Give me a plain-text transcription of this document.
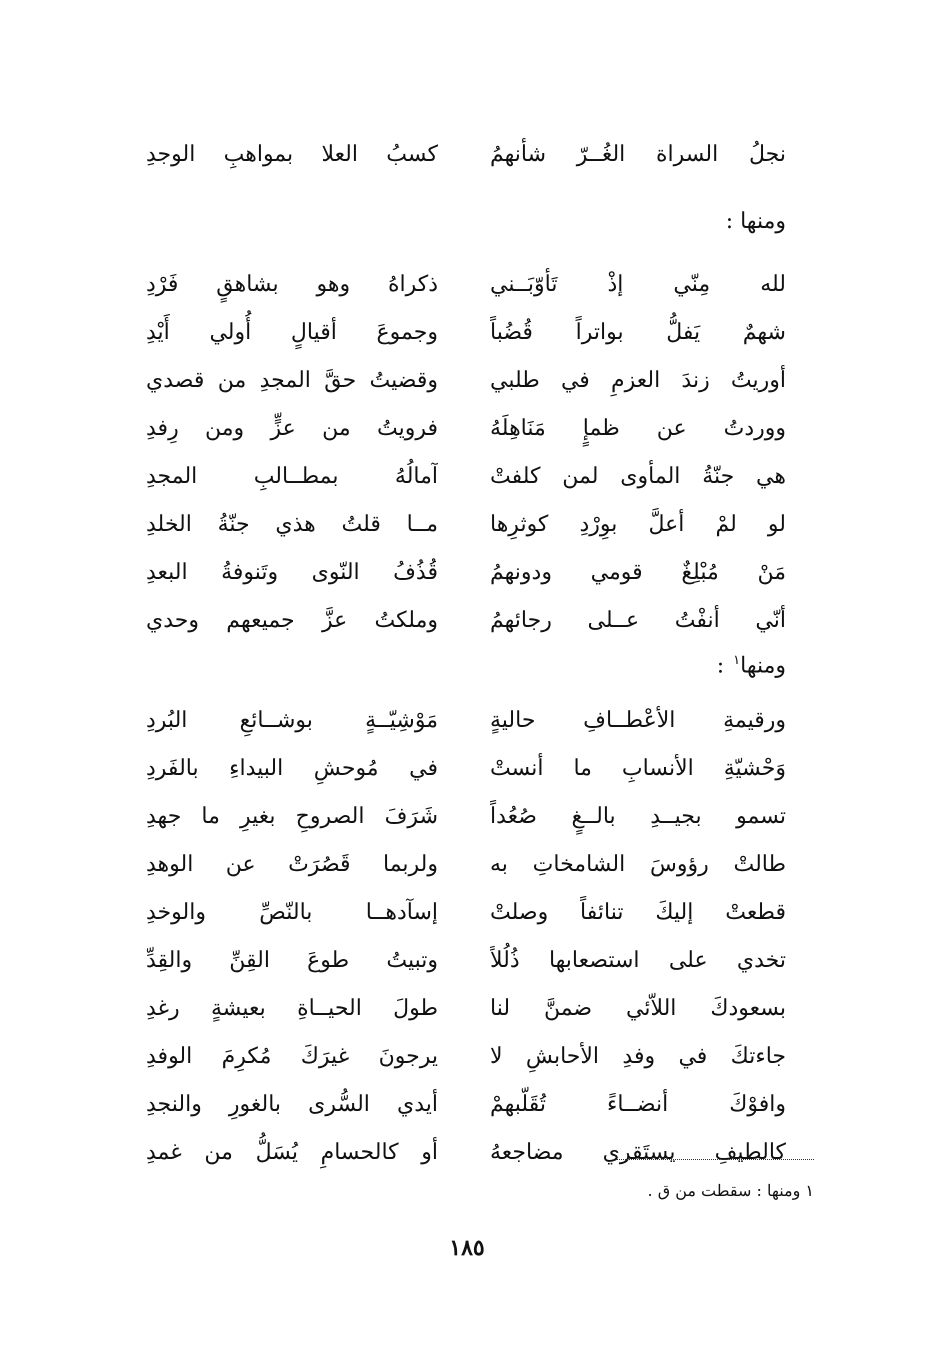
نجلُ السراة الغُــرّ شأنهمُ
كسبُ العلا بمواهبِ الوجدِ
ومنها :
لله مِنّي إذْ تَأوّبَــني
ذكراهُ وهو بشاهقٍ فَرْدِ
شهمٌ يَفلُّ بواتراً قُضُباً
وجموعَ أقيالٍ أُولي أَيْدِ
أوريتُ زندَ العزمِ في طلبي
وقضيتُ حقَّ المجدِ من قصدي
ووردتُ عن ظمإٍ مَنَاهِلَهُ
فرويتُ من عزٍّ ومن رِفدِ
هي جنّةُ المأوى لمن كلفتْ
آمالُهُ بمطــالبِ المجدِ
لو لمْ أعلَّ بوِرْدِ كوثرِها
مــا قلتُ هذي جنّةُ الخلدِ
مَنْ مُبْلِغٌ قومي ودونهمُ
قُذُفُ النّوى وتَنوفةُ البعدِ
أنّي أنفْتُ عــلى رجائهمُ
وملكتُ عزَّ جميعهم وحدي
ومنها$^١$ :
ورقيمةِ الأعْطــافِ حاليةٍ
مَوْشِيّــةٍ بوشــائعِ البُردِ
وَحْشيّةِ الأنسابِ ما أنستْ
في مُوحشِ البيداءِ بالفَردِ
تسمو بجيــدِ بالــغٍ صُعُداً
شَرَفَ الصروحِ بغيرِ ما جهدِ
طالتْ رؤوسَ الشامخاتِ به
ولربما قَصُرَتْ عن الوهدِ
قطعتْ إليكَ تنائفاً وصلتْ
إسآدهــا بالنّصِّ والوخدِ
تخدي على استصعابها ذُلُلاً
وتبيتُ طوعَ القِنِّ والقِدِّ
بسعودكَ اللاّئي ضمنَّ لنا
طولَ الحيــاةِ بعيشةٍ رغدِ
جاءتكَ في وفدِ الأحابشِ لا
يرجونَ غيرَكَ مُكرِمَ الوفدِ
وافوْكَ أنضــاءً تُقَلّبهمْ
أيدي السُّرى بالغورِ والنجدِ
كالطيفِ يستَقري مضاجعهُ
أو كالحسامِ يُسَلُّ من غمدِ
١ ومنها : سقطت من ق .
١٨٥
